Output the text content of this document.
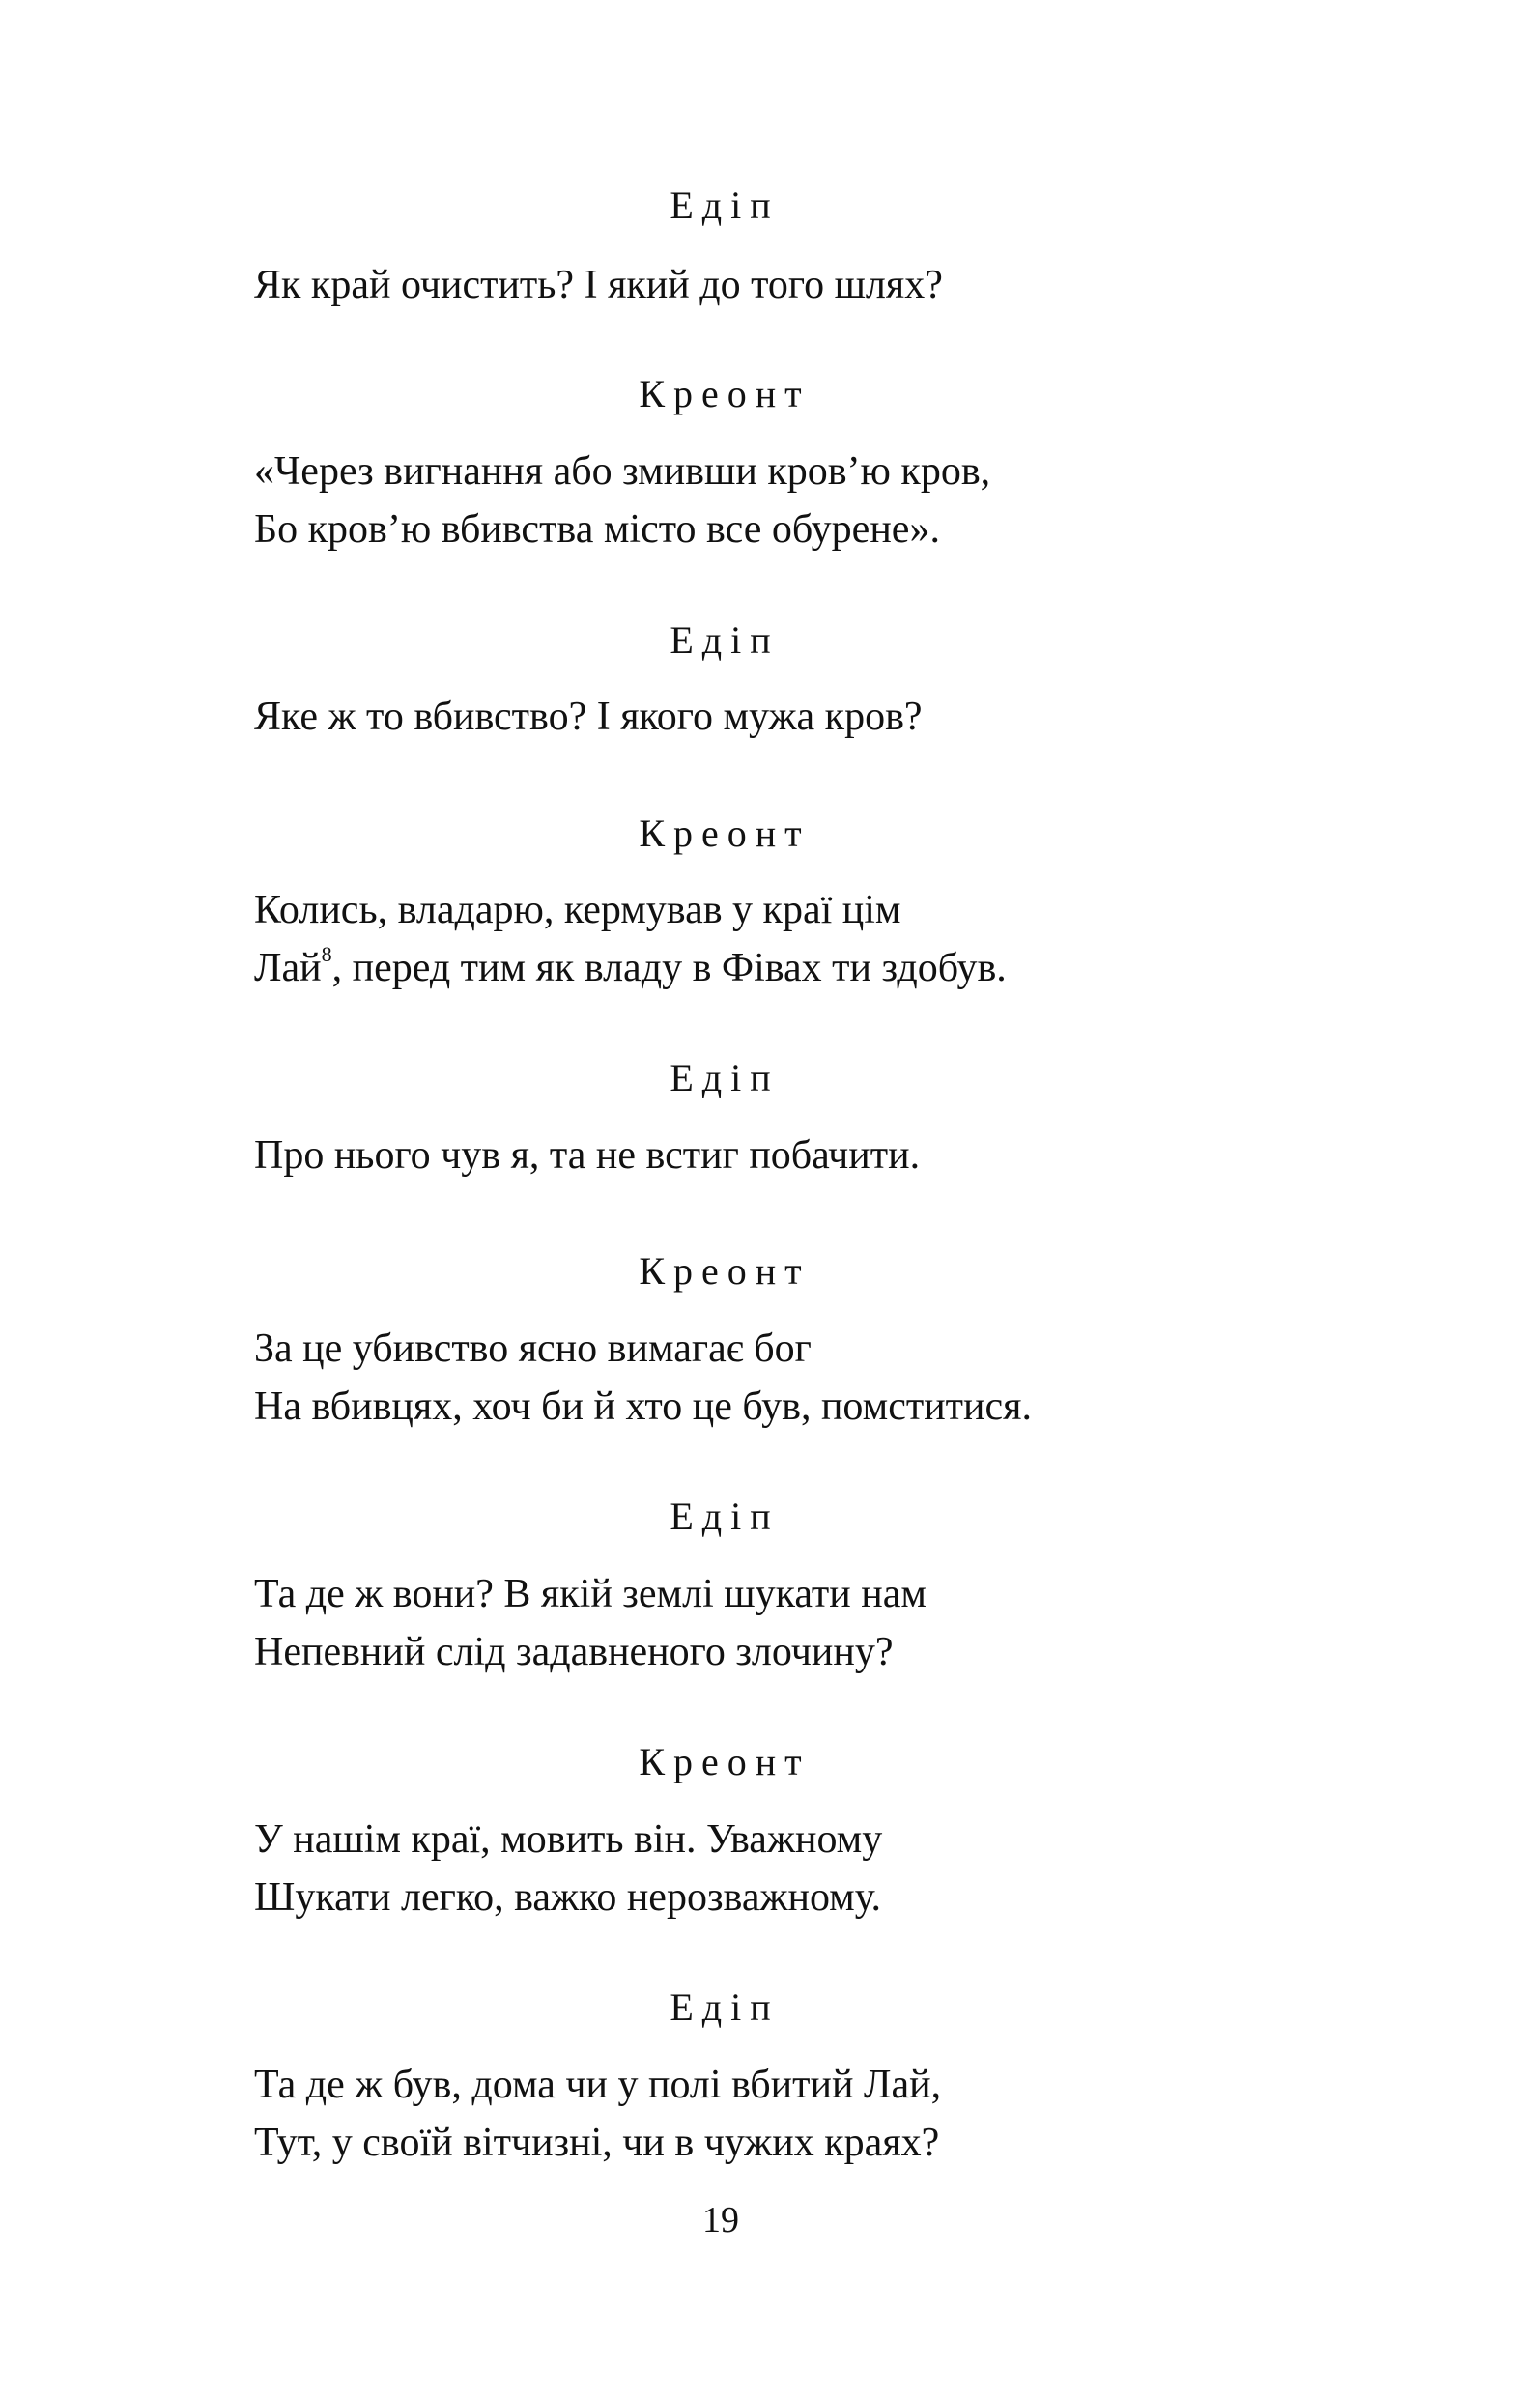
Едіп
Як край очистить? І який до того шлях?
Креонт
«Через вигнання або змивши кров’ю кров,
Бо кров’ю вбивства місто все обурене».
Едіп
Яке ж то вбивство? І якого мужа кров?
Креонт
Колись, владарю, кермував у краї цім
Лай$^8$, перед тим як владу в Фівах ти здобув.
Едіп
Про нього чув я, та не встиг побачити.
Креонт
За це убивство ясно вимагає бог
На вбивцях, хоч би й хто це був, помститися.
Едіп
Та де ж вони? В якій землі шукати нам
Непевний слід задавненого злочину?
Креонт
У нашім краї, мовить він. Уважному
Шукати легко, важко нерозважному.
Едіп
Та де ж був, дома чи у полі вбитий Лай,
Тут, у своїй вітчизні, чи в чужих краях?
19
